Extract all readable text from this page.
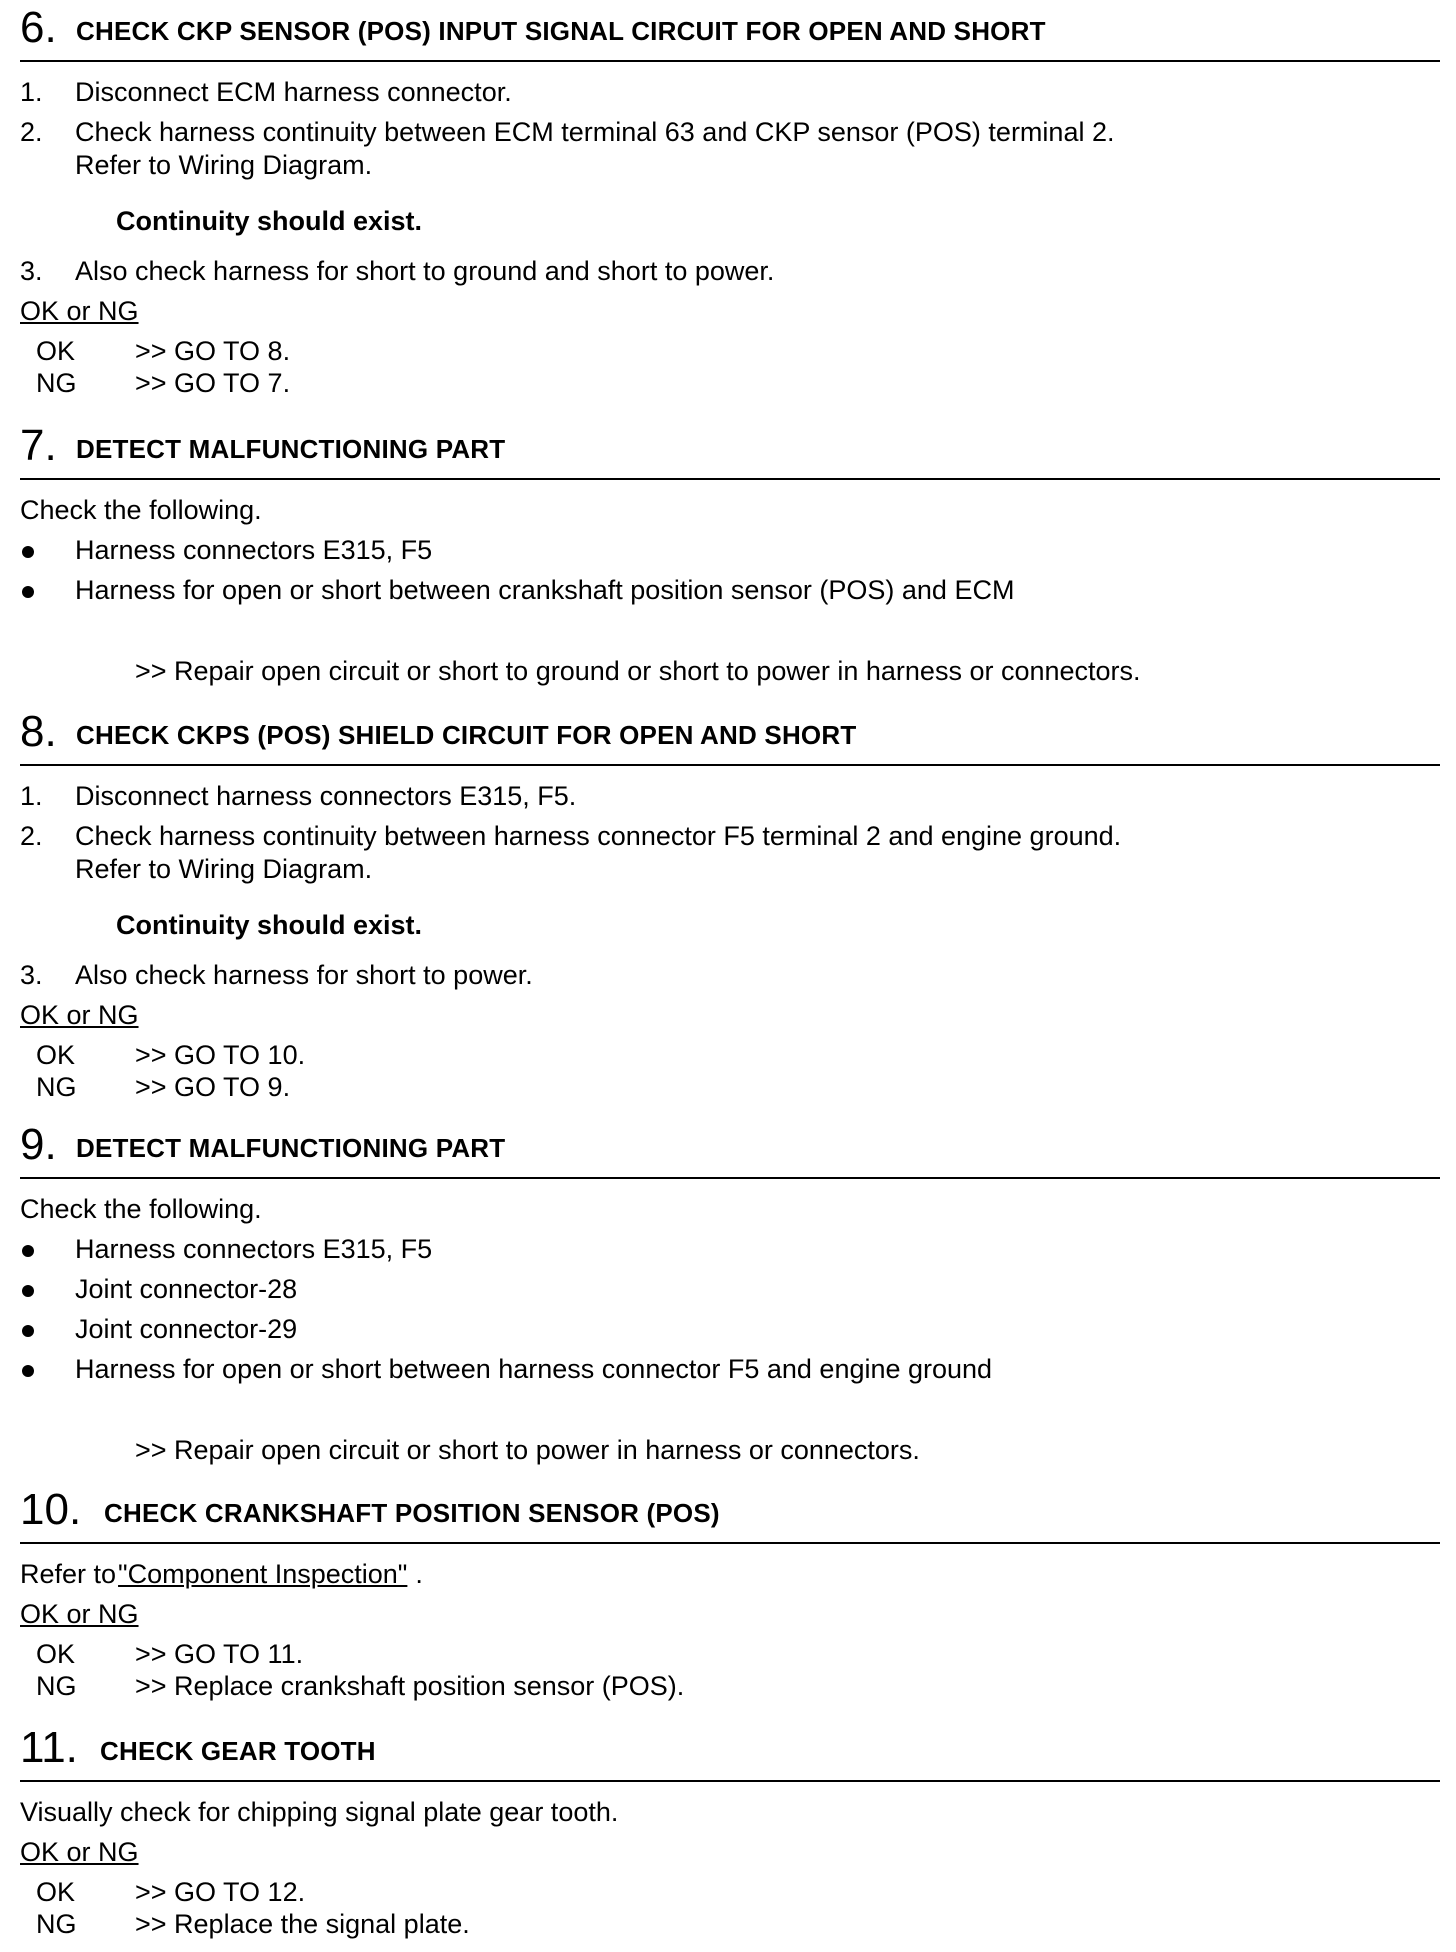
6. CHECK CKP SENSOR (POS) INPUT SIGNAL CIRCUIT FOR OPEN AND SHORT
1. Disconnect ECM harness connector.
2. Check harness continuity between ECM terminal 63 and CKP sensor (POS) terminal 2.
Refer to Wiring Diagram.
Continuity should exist.
3. Also check harness for short to ground and short to power.
OK or NG
OK >> GO TO 8.
NG >> GO TO 7.
7. DETECT MALFUNCTIONING PART
Check the following.
Harness connectors E315, F5
Harness for open or short between crankshaft position sensor (POS) and ECM
>> Repair open circuit or short to ground or short to power in harness or connectors.
8. CHECK CKPS (POS) SHIELD CIRCUIT FOR OPEN AND SHORT
1. Disconnect harness connectors E315, F5.
2. Check harness continuity between harness connector F5 terminal 2 and engine ground.
Refer to Wiring Diagram.
Continuity should exist.
3. Also check harness for short to power.
OK or NG
OK >> GO TO 10.
NG >> GO TO 9.
9. DETECT MALFUNCTIONING PART
Check the following.
Harness connectors E315, F5
Joint connector-28
Joint connector-29
Harness for open or short between harness connector F5 and engine ground
>> Repair open circuit or short to power in harness or connectors.
10. CHECK CRANKSHAFT POSITION SENSOR (POS)
Refer to"Component Inspection" .
OK or NG
OK >> GO TO 11.
NG >> Replace crankshaft position sensor (POS).
11. CHECK GEAR TOOTH
Visually check for chipping signal plate gear tooth.
OK or NG
OK >> GO TO 12.
NG >> Replace the signal plate.
